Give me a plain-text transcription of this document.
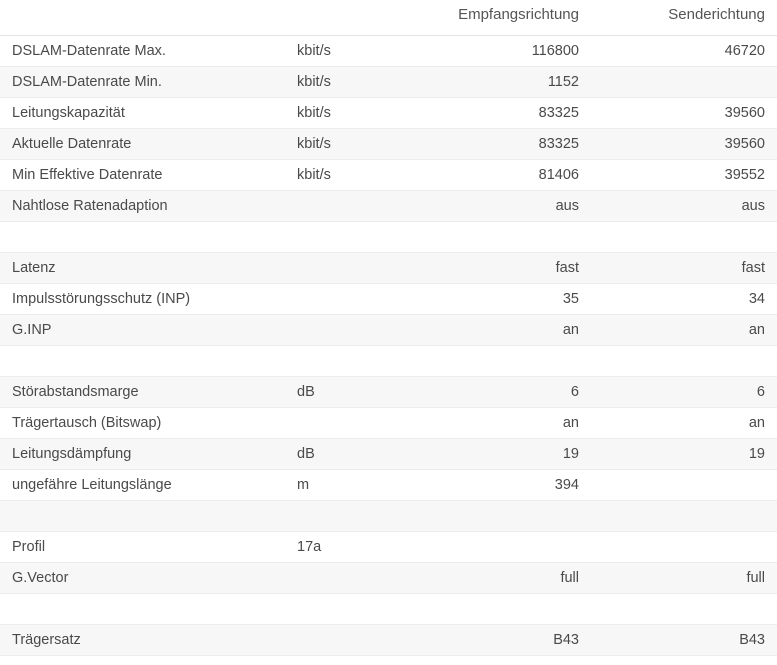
		Empfangsrichtung	Senderichtung
DSLAM-Datenrate Max.	kbit/s	116800	46720
DSLAM-Datenrate Min.	kbit/s	1152	
Leitungskapazität	kbit/s	83325	39560
Aktuelle Datenrate	kbit/s	83325	39560
Min Effektive Datenrate	kbit/s	81406	39552
Nahtlose Ratenadaption		aus	aus

Latenz		fast	fast
Impulsstörungsschutz (INP)		35	34
G.INP		an	an

Störabstandsmarge	dB	6	6
Trägertausch (Bitswap)		an	an
Leitungsdämpfung	dB	19	19
ungefähre Leitungslänge	m	394	

Profil	17a		
G.Vector		full	full

Trägersatz		B43	B43
